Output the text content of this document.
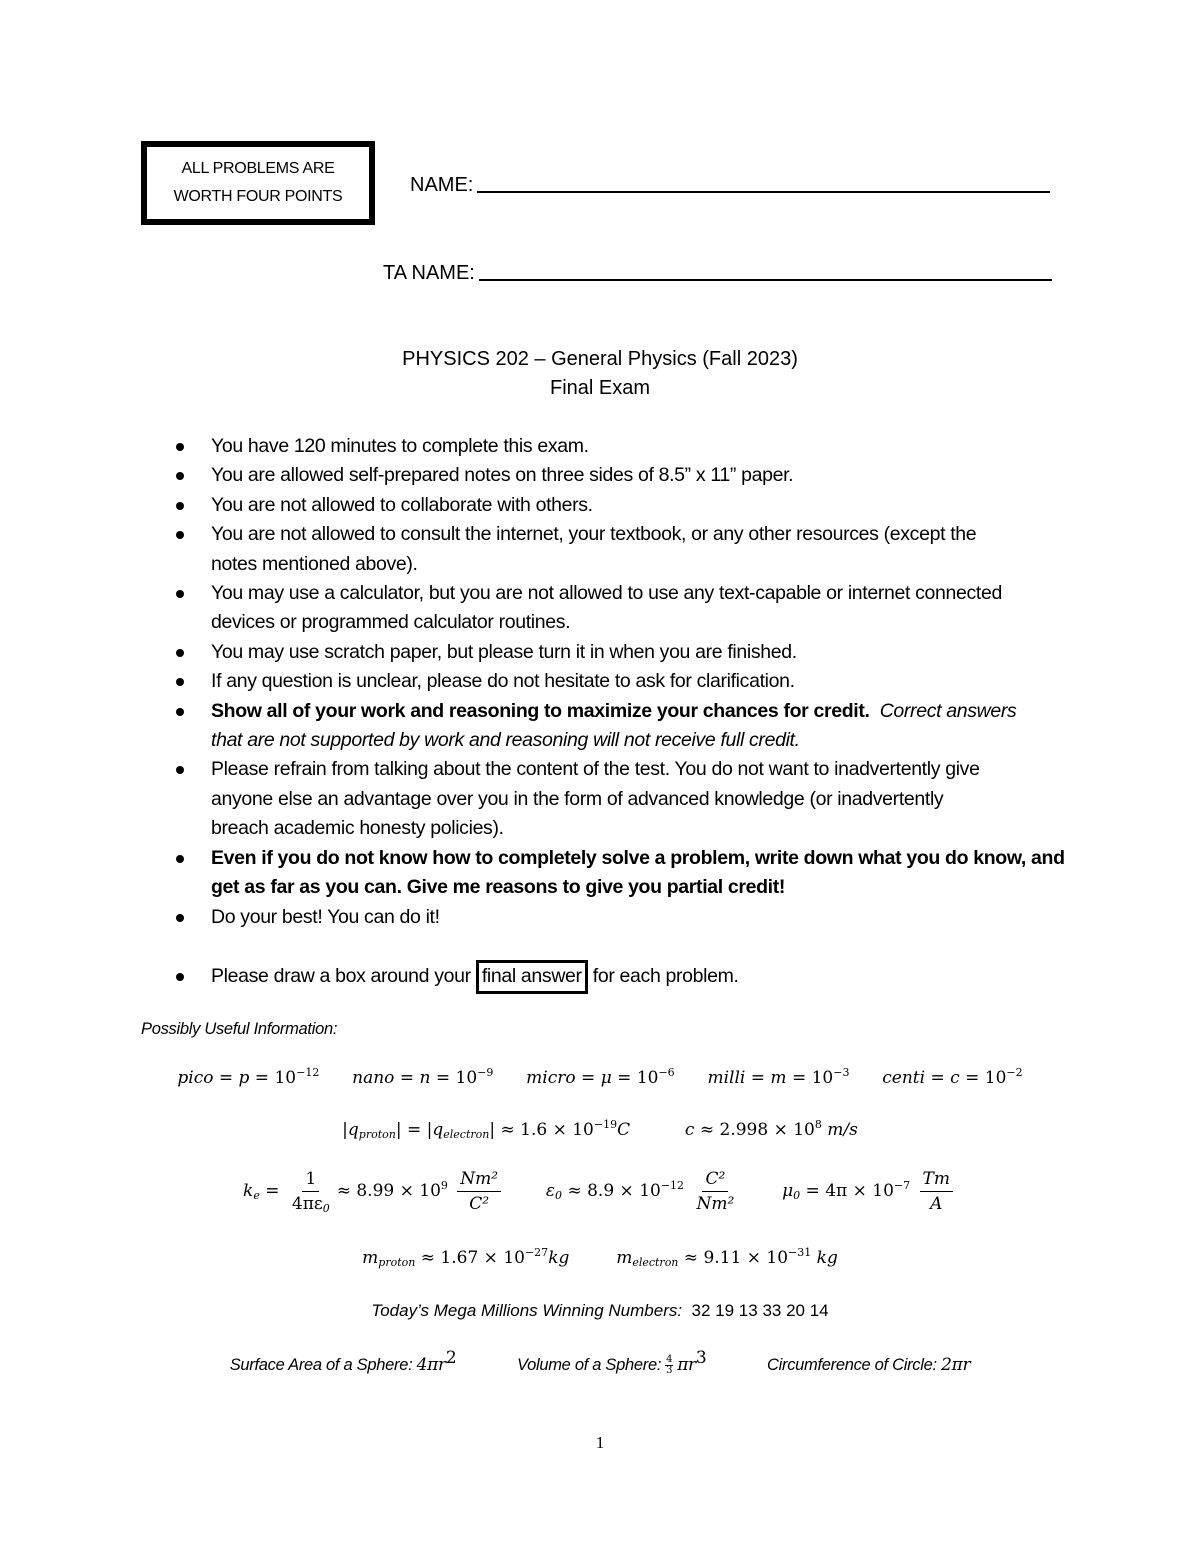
ALL PROBLEMS ARE
WORTH FOUR POINTS
NAME:
TA NAME:
PHYSICS 202 – General Physics (Fall 2023)
Final Exam
You have 120 minutes to complete this exam.
You are allowed self-prepared notes on three sides of 8.5” x 11” paper.
You are not allowed to collaborate with others.
You are not allowed to consult the internet, your textbook, or any other resources (except the notes mentioned above).
You may use a calculator, but you are not allowed to use any text-capable or internet connected devices or programmed calculator routines.
You may use scratch paper, but please turn it in when you are finished.
If any question is unclear, please do not hesitate to ask for clarification.
Show all of your work and reasoning to maximize your chances for credit. Correct answers that are not supported by work and reasoning will not receive full credit.
Please refrain from talking about the content of the test. You do not want to inadvertently give anyone else an advantage over you in the form of advanced knowledge (or inadvertently breach academic honesty policies).
Even if you do not know how to completely solve a problem, write down what you do know, and get as far as you can. Give me reasons to give you partial credit!
Do your best! You can do it!
Please draw a box around your final answer for each problem.
Possibly Useful Information:
pico = $p = 10^{-12}$ nano = $n = 10^{-9}$ micro = $\mu = 10^{-6}$ milli = $m = 10^{-3}$ centi = $c = 10^{-2}$
$|q_{proton}| = |q_{electron}| \approx 1.6 \times 10^{-19}C$	$c \approx 2.998 \times 10^8$ m/s
$k_e = \frac{1}{4\pi\varepsilon_0} \approx 8.99 \times 10^9 \frac{\text{Nm²}}{\text{C²}}$	$\varepsilon_0 \approx 8.9 \times 10^{-12} \frac{\text{C²}}{\text{Nm²}}$	$\mu_0 = 4\pi \times 10^{-7} \frac{Tm}{A}$
$m_{proton} \approx 1.67 \times 10^{-27}kg$	$m_{electron} \approx 9.11 \times 10^{-31}$ kg
Today’s Mega Millions Winning Numbers: 32 19 13 33 20 14
Surface Area of a Sphere: $4\pi r^2$	Volume of a Sphere: $\frac{4}{3} \pi r^3$	Circumference of Circle: 2πr
1
